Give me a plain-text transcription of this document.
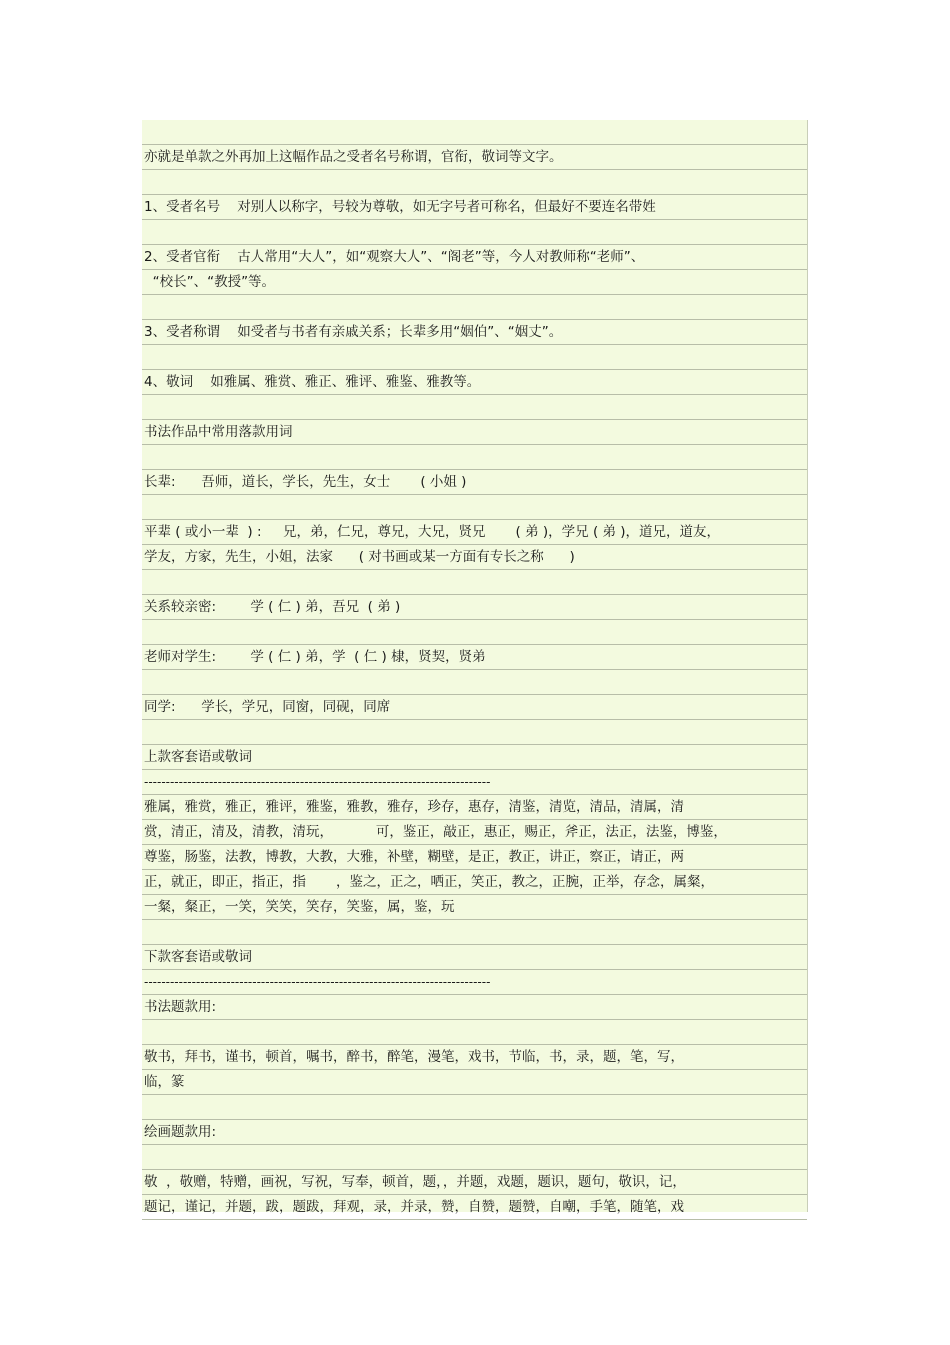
亦就是单款之外再加上这幅作品之受者名号称谓，官衔，敬词等文字。
1、受者名号    对别人以称字，号较为尊敬，如无字号者可称名，但最好不要连名带姓
2、受者官衔    古人常用“大人”，如“观察大人”、“阁老”等，今人对教师称“老师”、
“校长”、“教授”等。
3、受者称谓    如受者与书者有亲戚关系；长辈多用“姻伯”、“姻丈”。
4、敬词    如雅属、雅赏、雅正、雅评、雅鉴、雅教等。
书法作品中常用落款用词
长辈:      吾师，道长，学长，先生，女士       ( 小姐 )
平辈 ( 或小一辈  ) :     兄，弟，仁兄，尊兄，大兄，贤兄       ( 弟 )，学兄 ( 弟 )，道兄，道友，
学友，方家，先生，小姐，法家      ( 对书画或某一方面有专长之称      )
关系较亲密:        学 ( 仁 ) 弟，吾兄  ( 弟 )
老师对学生:        学 ( 仁 ) 弟，学  ( 仁 ) 棣，贤契，贤弟
同学:      学长，学兄，同窗，同砚，同席
上款客套语或敬词
--------------------------------------------------------------------------------
雅属，雅赏，雅正，雅评，雅鉴，雅教，雅存，珍存，惠存，清鉴，清览，清品，清属，清
赏，清正，清及，清教，清玩，          可，鉴正，敲正，惠正，赐正，斧正，法正，法鉴，博鉴，
尊鉴，肠鉴，法教，博教，大教，大雅，补壁，糊壁，是正，教正，讲正，察正，请正，两
正，就正，即正，指正，指       ，鉴之，正之，哂正，笑正，教之，正腕，正举，存念，属粲，
一粲，粲正，一笑，笑笑，笑存，笑鉴，属，鉴，玩
下款客套语或敬词
--------------------------------------------------------------------------------
书法题款用:
敬书，拜书，谨书，顿首，嘱书，醉书，醉笔，漫笔，戏书，节临，书，录，题，笔，写，
临，篆
绘画题款用:
敬  ，敬赠，特赠，画祝，写祝，写奉，顿首，题，，并题，戏题，题识，题句，敬识，记，
题记，谨记，并题，跋，题跋，拜观，录，并录，赞，自赞，题赞，自嘲，手笔，随笔，戏
